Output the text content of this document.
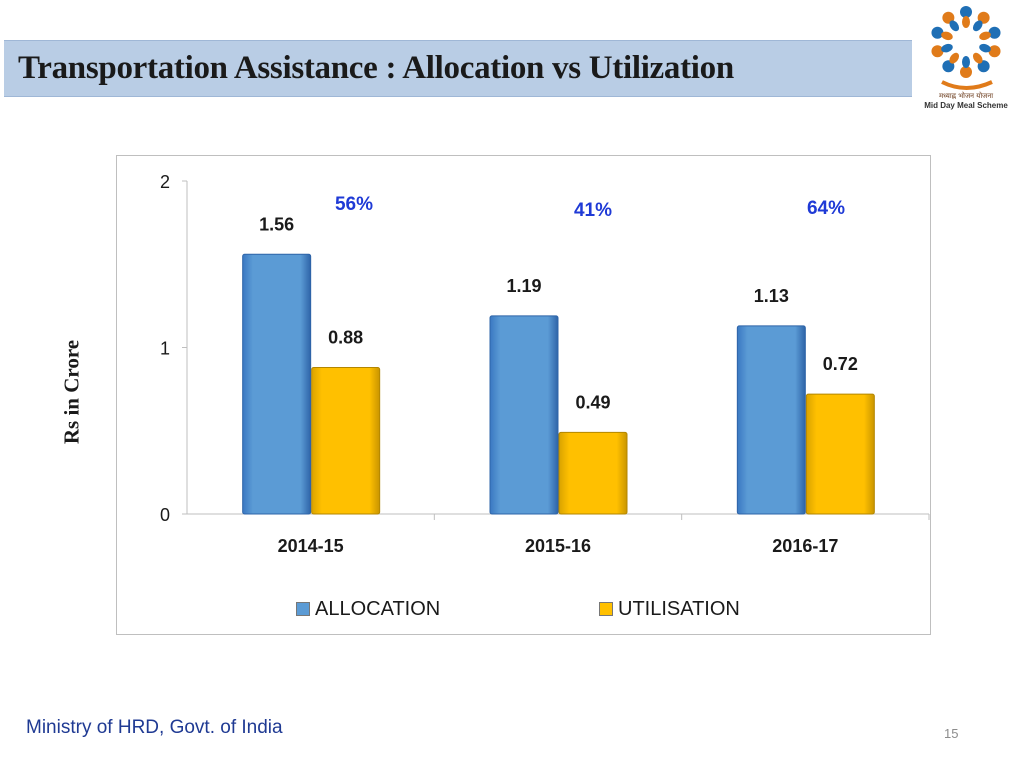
Transportation Assistance : Allocation vs Utilization
मध्याह्न भोजन योजना
Mid Day Meal Scheme
0
1
2
1.56
0.88
2014-15
56%
1.19
0.49
2015-16
41%
1.13
0.72
2016-17
64%
Rs in Crore
ALLOCATION	UTILISATION
Ministry of HRD, Govt. of India	15
